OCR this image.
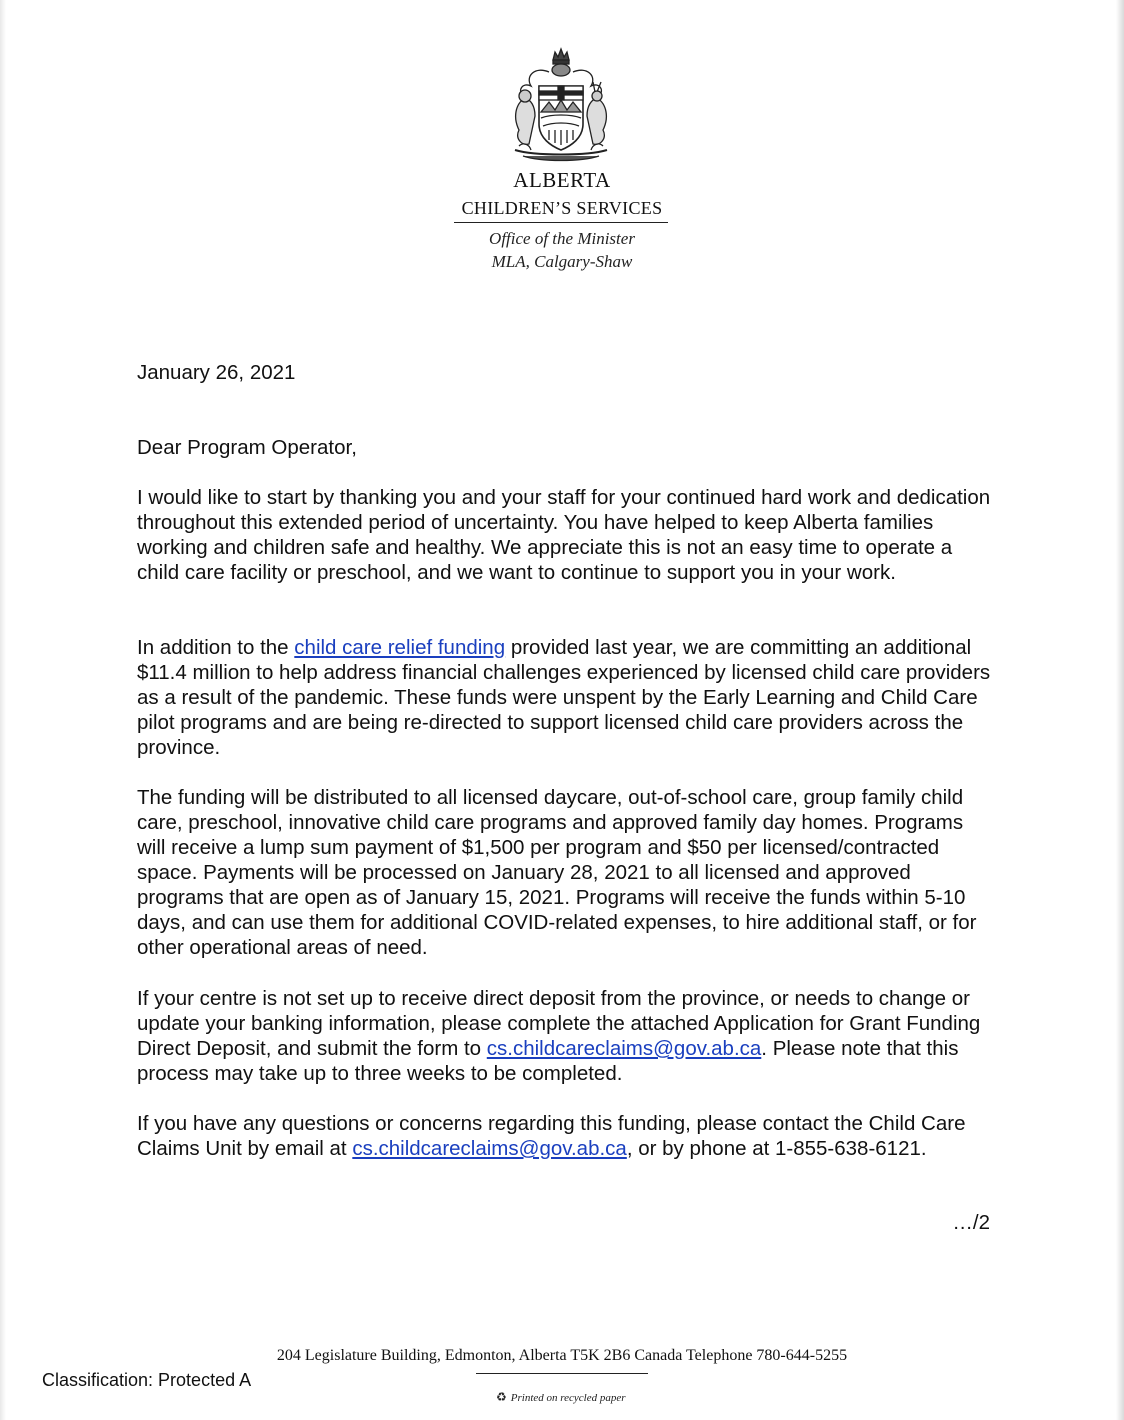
ALBERTA
CHILDREN’S SERVICES
Office of the Minister
MLA, Calgary-Shaw

January 26, 2021

Dear Program Operator,

I would like to start by thanking you and your staff for your continued hard work and dedication throughout this extended period of uncertainty. You have helped to keep Alberta families working and children safe and healthy. We appreciate this is not an easy time to operate a child care facility or preschool, and we want to continue to support you in your work.

In addition to the child care relief funding provided last year, we are committing an additional $11.4 million to help address financial challenges experienced by licensed child care providers as a result of the pandemic. These funds were unspent by the Early Learning and Child Care pilot programs and are being re-directed to support licensed child care providers across the province.

The funding will be distributed to all licensed daycare, out-of-school care, group family child care, preschool, innovative child care programs and approved family day homes. Programs will receive a lump sum payment of $1,500 per program and $50 per licensed/contracted space. Payments will be processed on January 28, 2021 to all licensed and approved programs that are open as of January 15, 2021. Programs will receive the funds within 5-10 days, and can use them for additional COVID-related expenses, to hire additional staff, or for other operational areas of need.

If your centre is not set up to receive direct deposit from the province, or needs to change or update your banking information, please complete the attached Application for Grant Funding Direct Deposit, and submit the form to cs.childcareclaims@gov.ab.ca. Please note that this process may take up to three weeks to be completed.

If you have any questions or concerns regarding this funding, please contact the Child Care Claims Unit by email at cs.childcareclaims@gov.ab.ca, or by phone at 1-855-638-6121.

…/2
204 Legislature Building, Edmonton, Alberta T5K 2B6 Canada Telephone 780-644-5255
Classification: Protected A
♻ Printed on recycled paper
